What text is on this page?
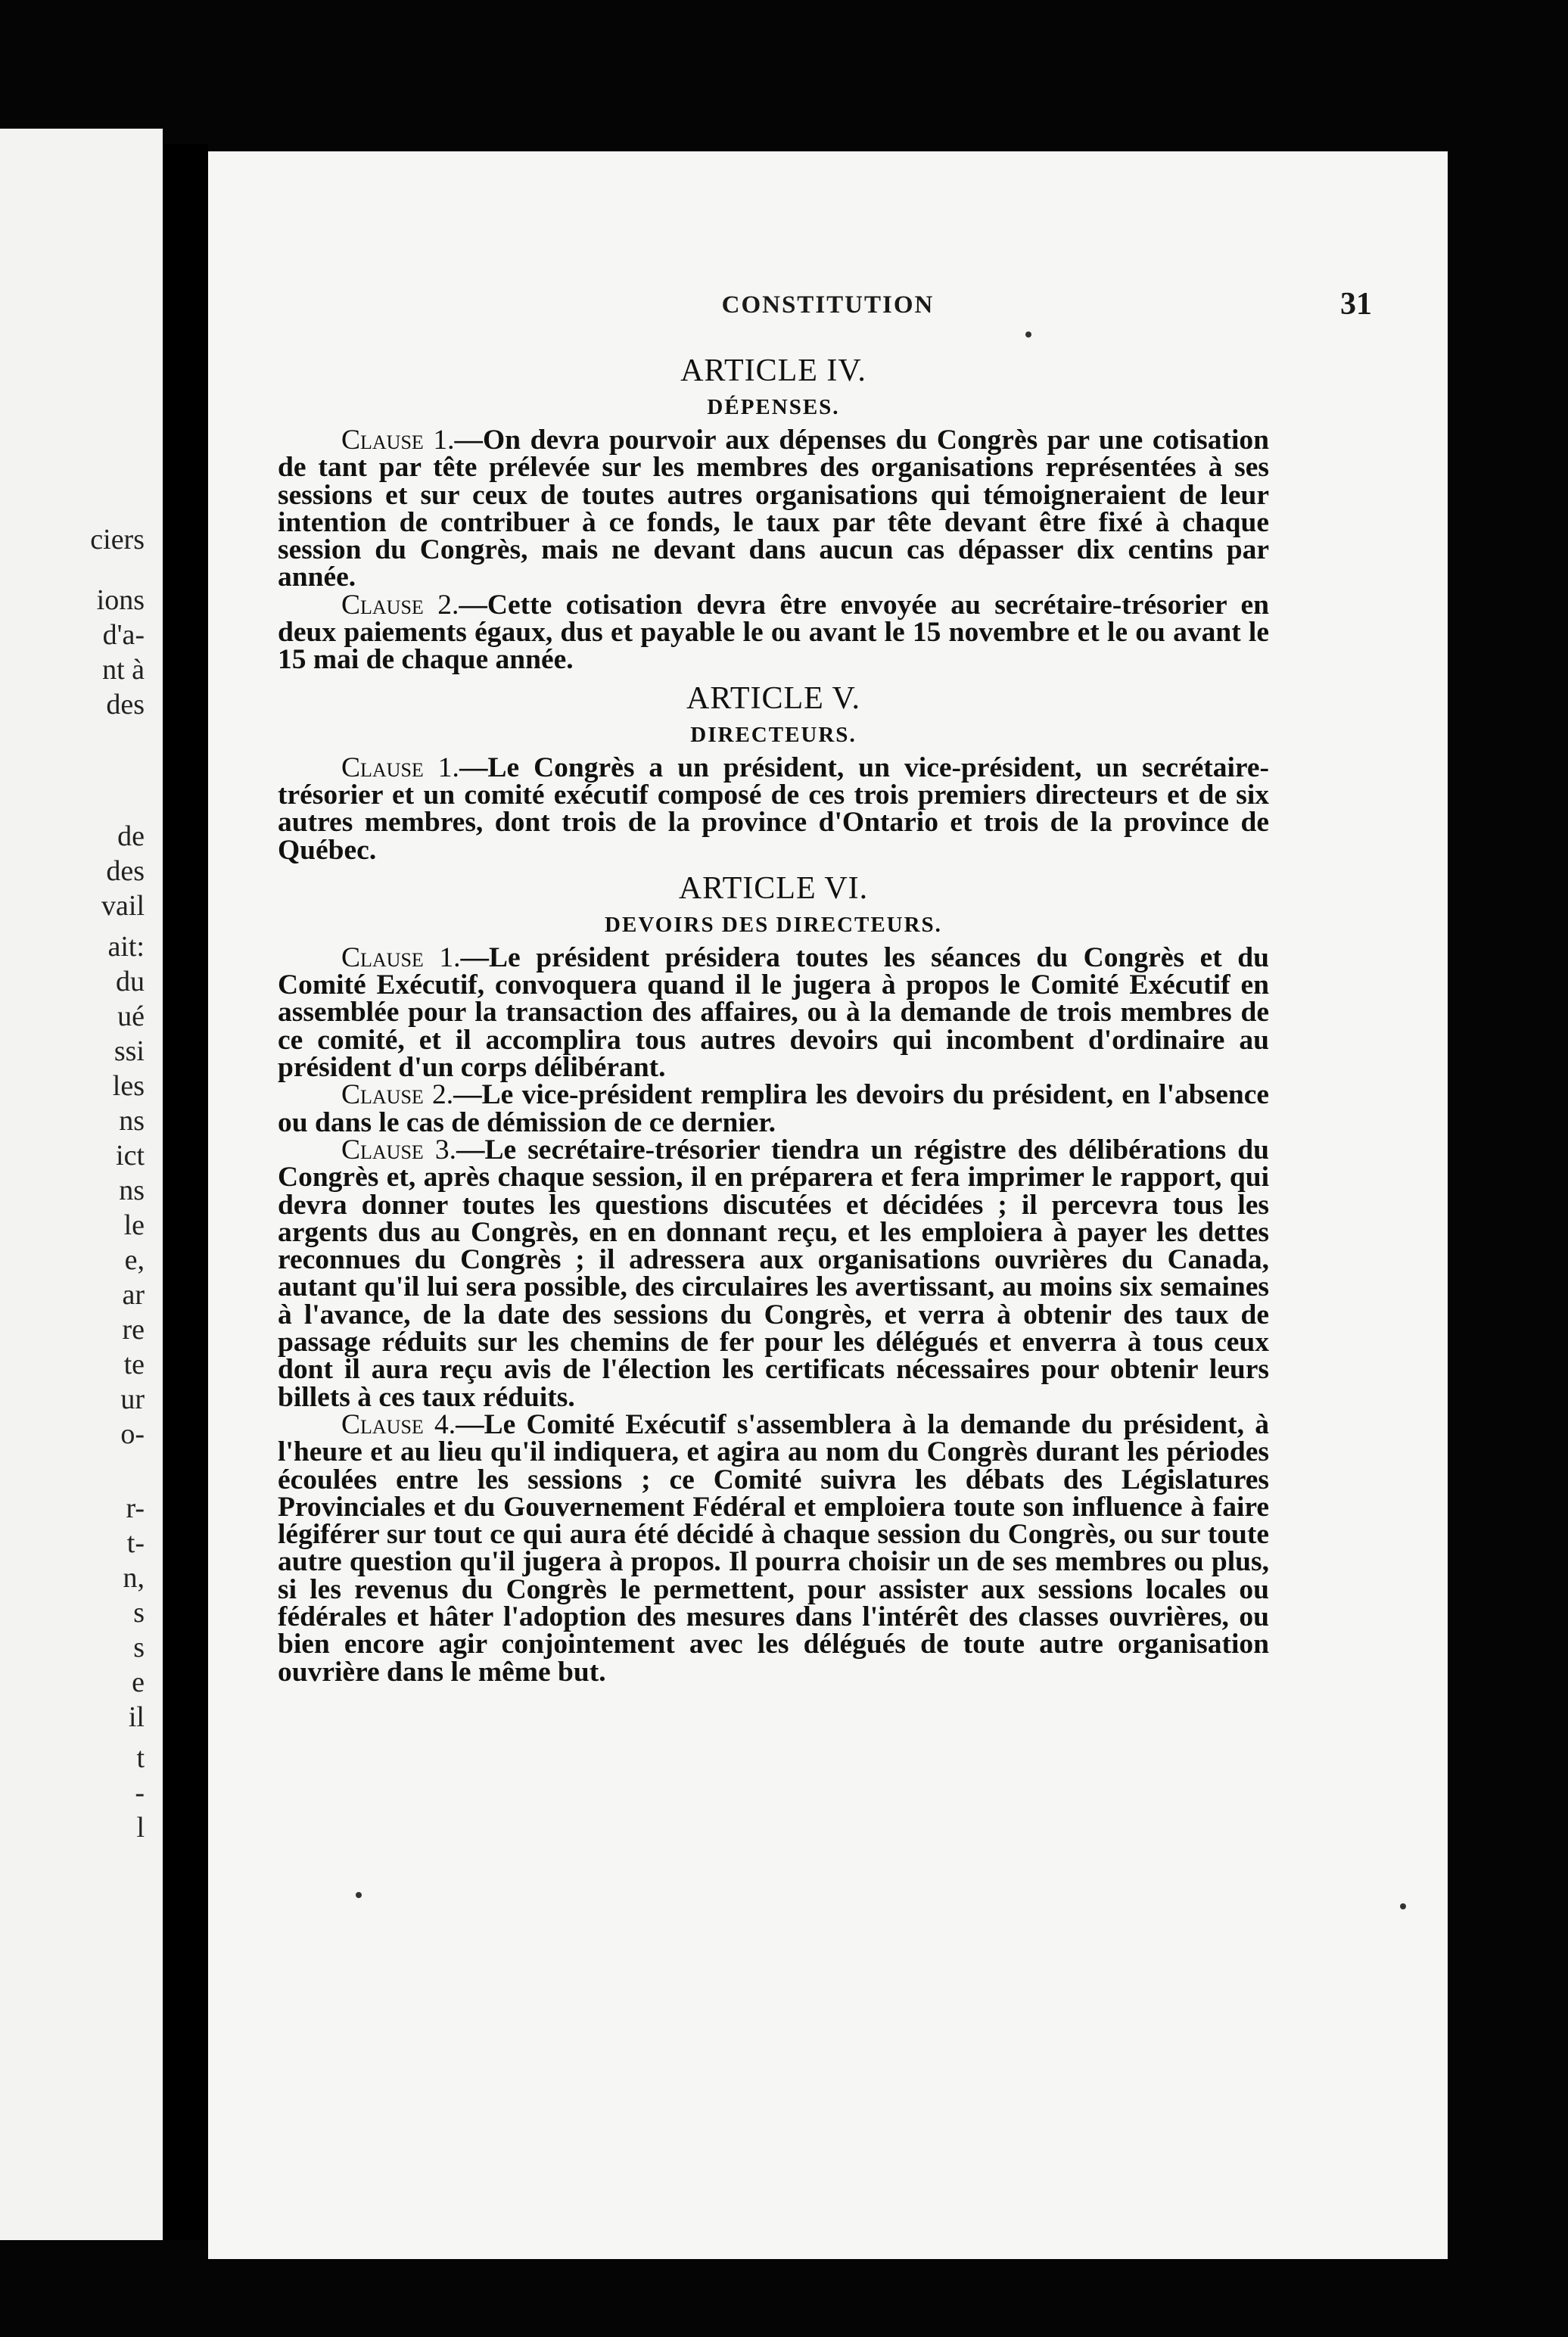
ciers
ions
d'a-
nt à
des
de
des
vail
ait:
du
ué
ssi
les
ns
ict
ns
le
e,
ar
re
te
ur
o-
r-
t-
n,
s
s
e
il
t
-
l
CONSTITUTION	31
ARTICLE IV.
DÉPENSES.

Clause 1.—On devra pourvoir aux dépenses du Congrès par une cotisation de tant par tête prélevée sur les membres des organisations représentées à ses sessions et sur ceux de toutes autres organisations qui témoigneraient de leur intention de contribuer à ce fonds, le taux par tête devant être fixé à chaque session du Congrès, mais ne devant dans aucun cas dépasser dix centins par année.

Clause 2.—Cette cotisation devra être envoyée au secrétaire-trésorier en deux paiements égaux, dus et payable le ou avant le 15 novembre et le ou avant le 15 mai de chaque année.

ARTICLE V.
DIRECTEURS.

Clause 1.—Le Congrès a un président, un vice-président, un secrétaire-trésorier et un comité exécutif composé de ces trois premiers directeurs et de six autres membres, dont trois de la province d'Ontario et trois de la province de Québec.

ARTICLE VI.
DEVOIRS DES DIRECTEURS.

Clause 1.—Le président présidera toutes les séances du Congrès et du Comité Exécutif, convoquera quand il le jugera à propos le Comité Exécutif en assemblée pour la transaction des affaires, ou à la demande de trois membres de ce comité, et il accomplira tous autres devoirs qui incombent d'ordinaire au président d'un corps délibérant.

Clause 2.—Le vice-président remplira les devoirs du président, en l'absence ou dans le cas de démission de ce dernier.

Clause 3.—Le secrétaire-trésorier tiendra un régistre des délibérations du Congrès et, après chaque session, il en préparera et fera imprimer le rapport, qui devra donner toutes les questions discutées et décidées ; il percevra tous les argents dus au Congrès, en en donnant reçu, et les emploiera à payer les dettes reconnues du Congrès ; il adressera aux organisations ouvrières du Canada, autant qu'il lui sera possible, des circulaires les avertissant, au moins six semaines à l'avance, de la date des sessions du Congrès, et verra à obtenir des taux de passage réduits sur les chemins de fer pour les délégués et enverra à tous ceux dont il aura reçu avis de l'élection les certificats nécessaires pour obtenir leurs billets à ces taux réduits.

Clause 4.—Le Comité Exécutif s'assemblera à la demande du président, à l'heure et au lieu qu'il indiquera, et agira au nom du Congrès durant les périodes écoulées entre les sessions ; ce Comité suivra les débats des Législatures Provinciales et du Gouvernement Fédéral et emploiera toute son influence à faire légiférer sur tout ce qui aura été décidé à chaque session du Congrès, ou sur toute autre question qu'il jugera à propos. Il pourra choisir un de ses membres ou plus, si les revenus du Congrès le permettent, pour assister aux sessions locales ou fédérales et hâter l'adoption des mesures dans l'intérêt des classes ouvrières, ou bien encore agir conjointement avec les délégués de toute autre organisation ouvrière dans le même but.
